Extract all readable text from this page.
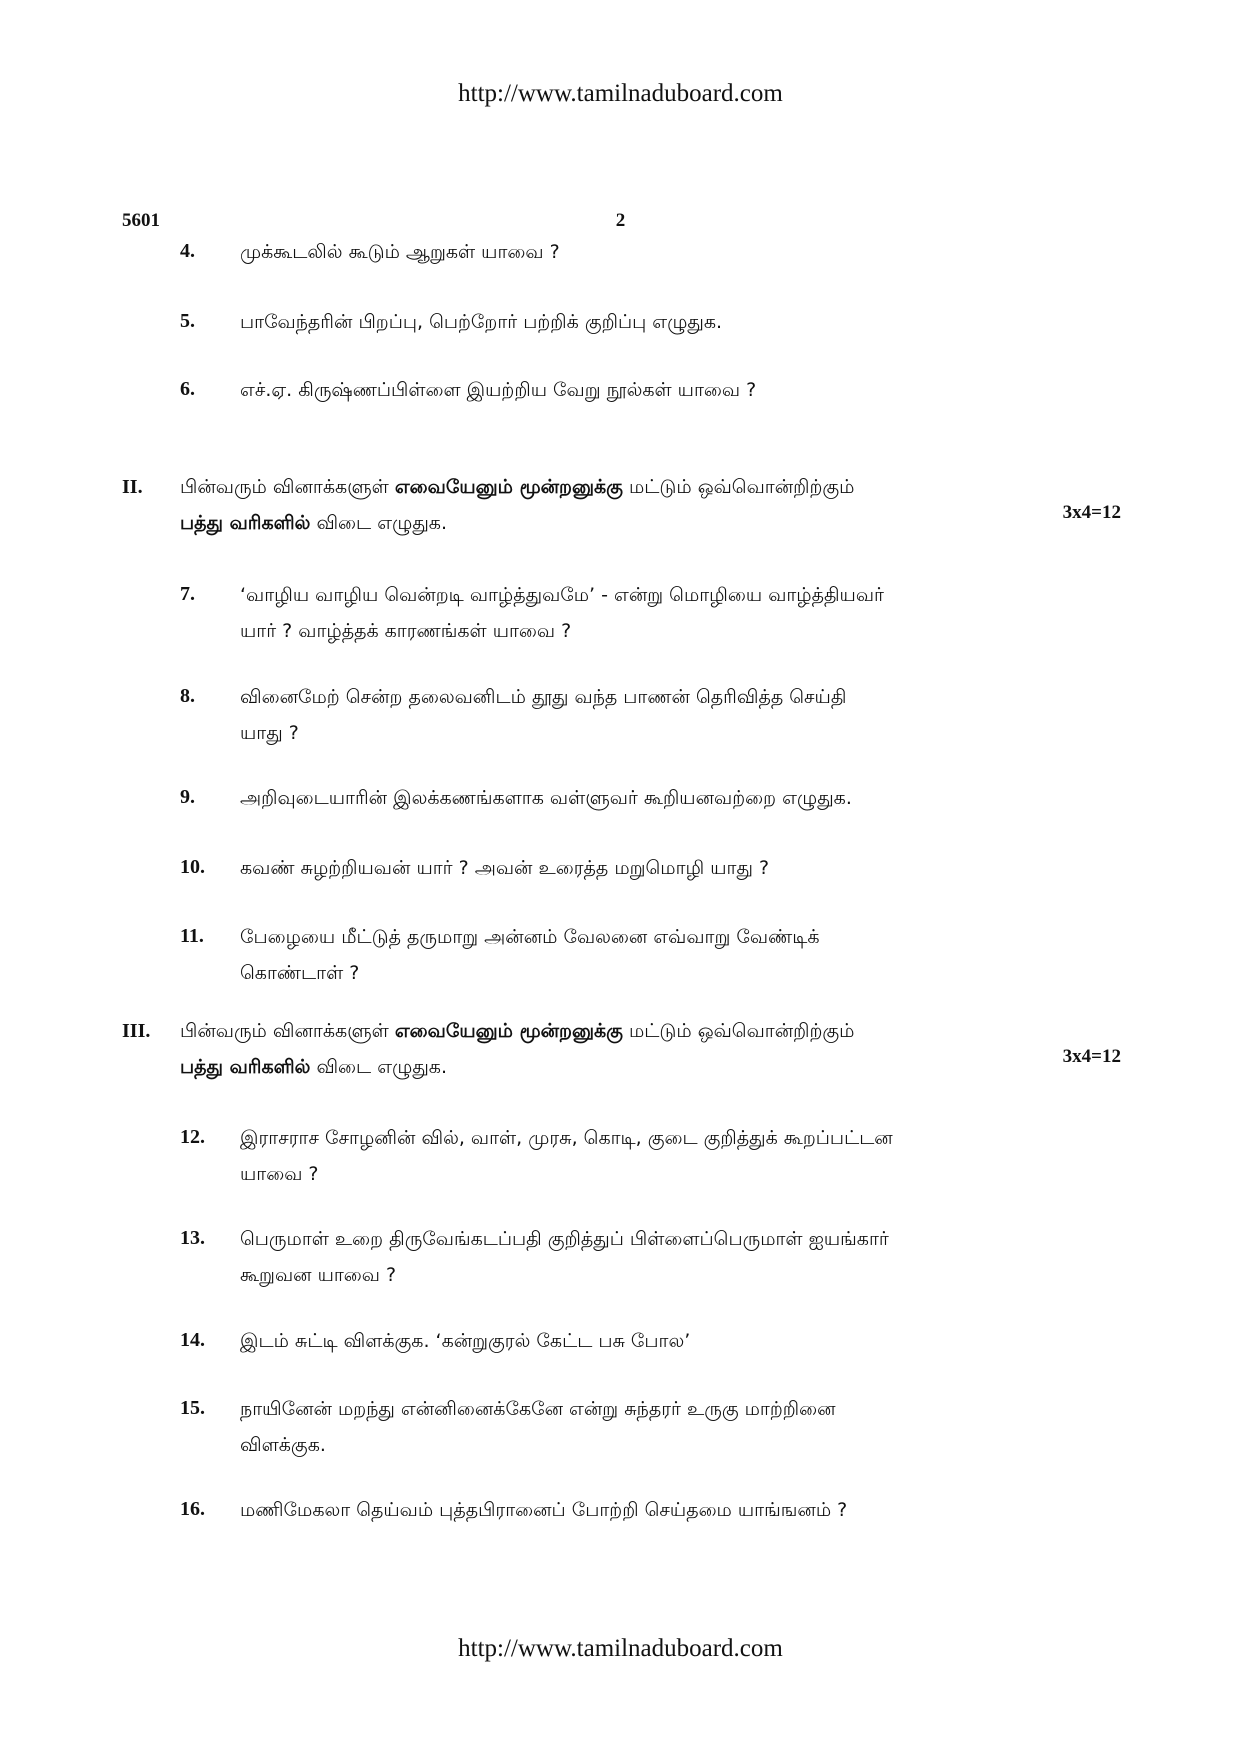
http://www.tamilnaduboard.com
5601	2
4.	முக்கூடலில் கூடும் ஆறுகள் யாவை ?
5.	பாவேந்தரின் பிறப்பு, பெற்றோர் பற்றிக் குறிப்பு எழுதுக.
6.	எச்.ஏ. கிருஷ்ணப்பிள்ளை இயற்றிய வேறு நூல்கள் யாவை ?
II. பின்வரும் வினாக்களுள் எவையேனும் மூன்றனுக்கு மட்டும் ஒவ்வொன்றிற்கும்
பத்து வரிகளில் விடை எழுதுக.	3x4=12
7.	‘வாழிய வாழிய வென்றடி வாழ்த்துவமே’ - என்று மொழியை வாழ்த்தியவர்
யார் ? வாழ்த்தக் காரணங்கள் யாவை ?
8.	வினைமேற் சென்ற தலைவனிடம் தூது வந்த பாணன் தெரிவித்த செய்தி
யாது ?
9.	அறிவுடையாரின் இலக்கணங்களாக வள்ளுவர் கூறியனவற்றை எழுதுக.
10.	கவண் சுழற்றியவன் யார் ? அவன் உரைத்த மறுமொழி யாது ?
11.	பேழையை மீட்டுத் தருமாறு அன்னம் வேலனை எவ்வாறு வேண்டிக்
கொண்டாள் ?
III. பின்வரும் வினாக்களுள் எவையேனும் மூன்றனுக்கு மட்டும் ஒவ்வொன்றிற்கும்
பத்து வரிகளில் விடை எழுதுக.	3x4=12
12.	இராசராச சோழனின் வில், வாள், முரசு, கொடி, குடை குறித்துக் கூறப்பட்டன
யாவை ?
13.	பெருமாள் உறை திருவேங்கடப்பதி குறித்துப் பிள்ளைப்பெருமாள் ஐயங்கார்
கூறுவன யாவை ?
14.	இடம் சுட்டி விளக்குக. ‘கன்றுகுரல் கேட்ட பசு போல’
15.	நாயினேன் மறந்து என்னினைக்கேனே என்று சுந்தரர் உருகு மாற்றினை
விளக்குக.
16.	மணிமேகலா தெய்வம் புத்தபிரானைப் போற்றி செய்தமை யாங்ஙனம் ?
http://www.tamilnaduboard.com
